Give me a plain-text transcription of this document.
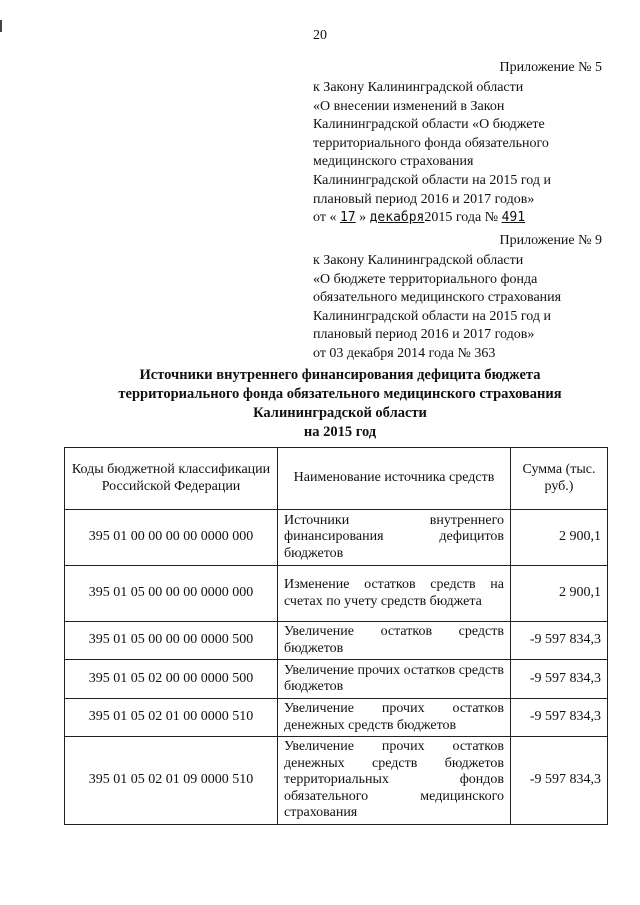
20
Приложение № 5
к Закону Калининградской области
«О внесении изменений в Закон
Калининградской области «О бюджете
территориального фонда обязательного
медицинского страхования
Калининградской области на 2015 год и
плановый период 2016 и 2017 годов»
от « 17 » декабря2015 года № 491
Приложение № 9
к Закону Калининградской области
«О бюджете территориального фонда
обязательного медицинского страхования
Калининградской области на 2015 год и
плановый период 2016 и 2017 годов»
от 03 декабря 2014 года № 363
Источники внутреннего финансирования дефицита бюджета
территориального фонда обязательного медицинского страхования
Калининградской области
на 2015 год
Коды бюджетной классификации Российской Федерации	Наименование источника средств	Сумма (тыс. руб.)
395 01 00 00 00 00 0000 000	Источники внутреннего финансирования дефицитов бюджетов	2 900,1
395 01 05 00 00 00 0000 000	Изменение остатков средств на счетах по учету средств бюджета	2 900,1
395 01 05 00 00 00 0000 500	Увеличение остатков средств бюджетов	-9 597 834,3
395 01 05 02 00 00 0000 500	Увеличение прочих остатков средств бюджетов	-9 597 834,3
395 01 05 02 01 00 0000 510	Увеличение прочих остатков денежных средств бюджетов	-9 597 834,3
395 01 05 02 01 09 0000 510	Увеличение прочих остатков денежных средств бюджетов территориальных фондов обязательного медицинского страхования	-9 597 834,3
